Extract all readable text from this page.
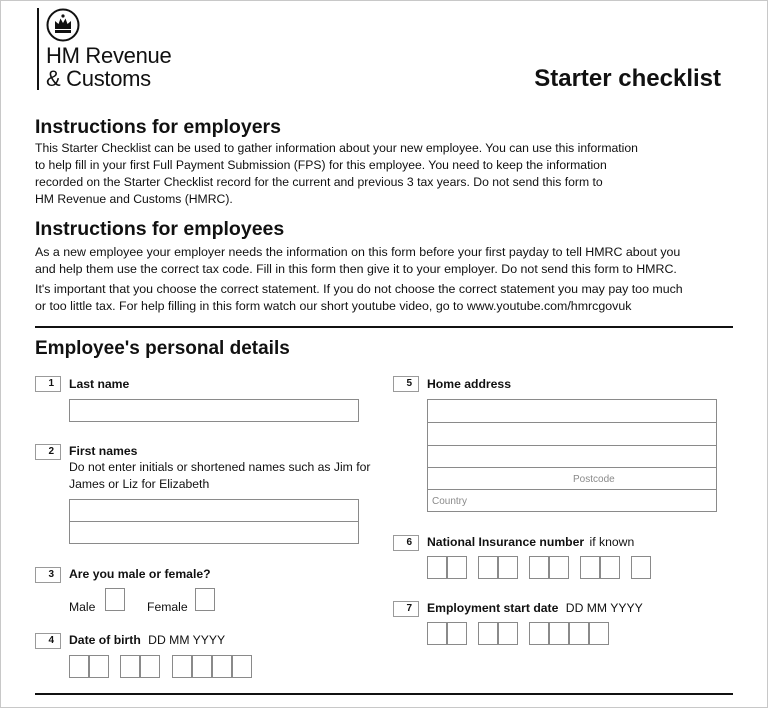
HM Revenue
& Customs	Starter checklist
Instructions for employers
This Starter Checklist can be used to gather information about your new employee. You can use this information
to help fill in your first Full Payment Submission (FPS) for this employee. You need to keep the information
recorded on the Starter Checklist record for the current and previous 3 tax years. Do not send this form to
HM Revenue and Customs (HMRC).
Instructions for employees
As a new employee your employer needs the information on this form before your first payday to tell HMRC about you
and help them use the correct tax code. Fill in this form then give it to your employer. Do not send this form to HMRC.
It's important that you choose the correct statement. If you do not choose the correct statement you may pay too much
or too little tax. For help filling in this form watch our short youtube video, go to www.youtube.com/hmrcgovuk
Employee's personal details
1	Last name
2	First names
Do not enter initials or shortened names such as Jim for
James or Liz for Elizabeth
3	Are you male or female?
Male	Female
4	Date of birth DD MM YYYY
5	Home address
Postcode
Country
6	National Insurance number if known
7	Employment start date DD MM YYYY
